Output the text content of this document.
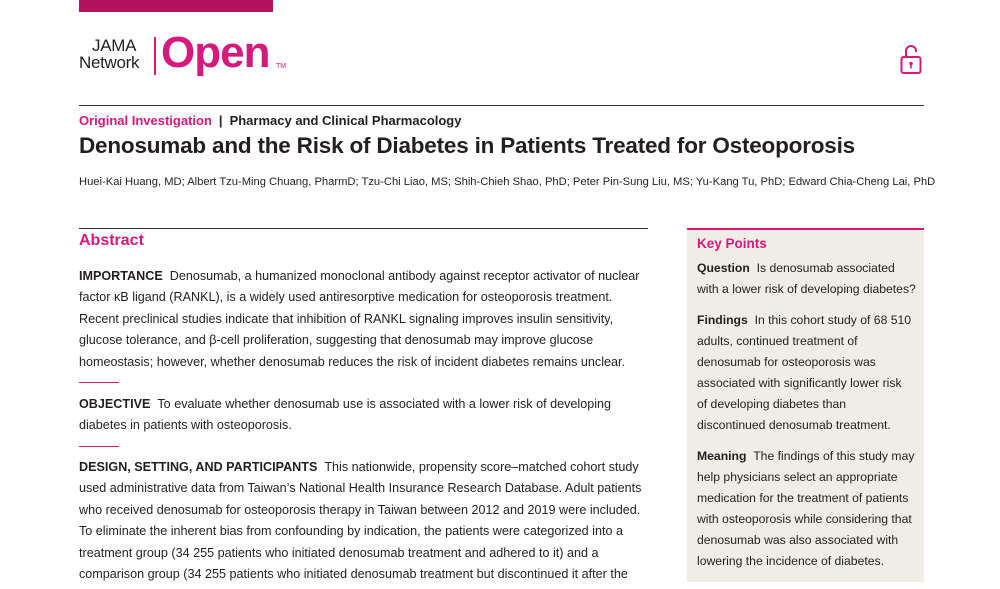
JAMA
Network Open TM
Original Investigation | Pharmacy and Clinical Pharmacology
Denosumab and the Risk of Diabetes in Patients Treated for Osteoporosis
Huei-Kai Huang, MD; Albert Tzu-Ming Chuang, PharmD; Tzu-Chi Liao, MS; Shih-Chieh Shao, PhD; Peter Pin-Sung Liu, MS; Yu-Kang Tu, PhD; Edward Chia-Cheng Lai, PhD
Abstract

IMPORTANCE Denosumab, a humanized monoclonal antibody against receptor activator of nuclear
factor κB ligand (RANKL), is a widely used antiresorptive medication for osteoporosis treatment.
Recent preclinical studies indicate that inhibition of RANKL signaling improves insulin sensitivity,
glucose tolerance, and β-cell proliferation, suggesting that denosumab may improve glucose
homeostasis; however, whether denosumab reduces the risk of incident diabetes remains unclear.

OBJECTIVE To evaluate whether denosumab use is associated with a lower risk of developing
diabetes in patients with osteoporosis.

DESIGN, SETTING, AND PARTICIPANTS This nationwide, propensity score–matched cohort study
used administrative data from Taiwan’s National Health Insurance Research Database. Adult patients
who received denosumab for osteoporosis therapy in Taiwan between 2012 and 2019 were included.
To eliminate the inherent bias from confounding by indication, the patients were categorized into a
treatment group (34 255 patients who initiated denosumab treatment and adhered to it) and a
comparison group (34 255 patients who initiated denosumab treatment but discontinued it after the

Key Points

Question Is denosumab associated
with a lower risk of developing diabetes?

Findings In this cohort study of 68 510
adults, continued treatment of
denosumab for osteoporosis was
associated with significantly lower risk
of developing diabetes than
discontinued denosumab treatment.

Meaning The findings of this study may
help physicians select an appropriate
medication for the treatment of patients
with osteoporosis while considering that
denosumab was also associated with
lowering the incidence of diabetes.
